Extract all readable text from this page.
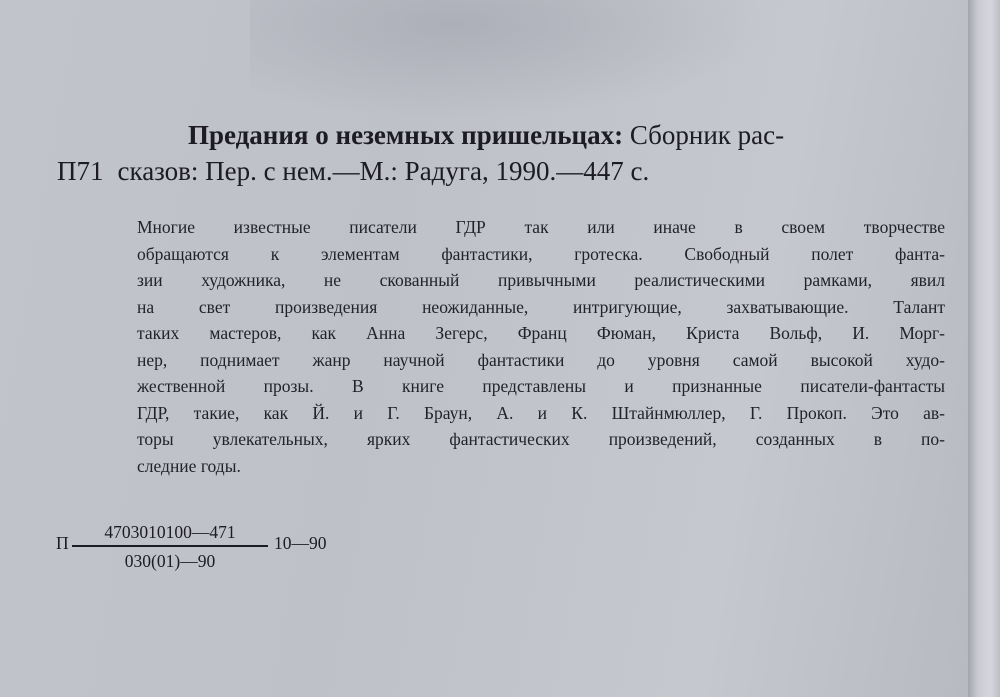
Предания о неземных пришельцах: Сборник рас-
П71 сказов: Пер. с нем.—М.: Радуга, 1990.—447 с.
Многие известные писатели ГДР так или иначе в своем творчестве
обращаются к элементам фантастики, гротеска. Свободный полет фанта-
зии художника, не скованный привычными реалистическими рамками, явил
на свет произведения неожиданные, интригующие, захватывающие. Талант
таких мастеров, как Анна Зегерс, Франц Фюман, Криста Вольф, И. Морг-
нер, поднимает жанр научной фантастики до уровня самой высокой худо-
жественной прозы. В книге представлены и признанные писатели-фантасты
ГДР, такие, как Й. и Г. Браун, А. и К. Штайнмюллер, Г. Прокоп. Это ав-
торы увлекательных, ярких фантастических произведений, созданных в по-
следние годы.
П $\frac{4703010100—471}{030(01)—90}$ 10—90
